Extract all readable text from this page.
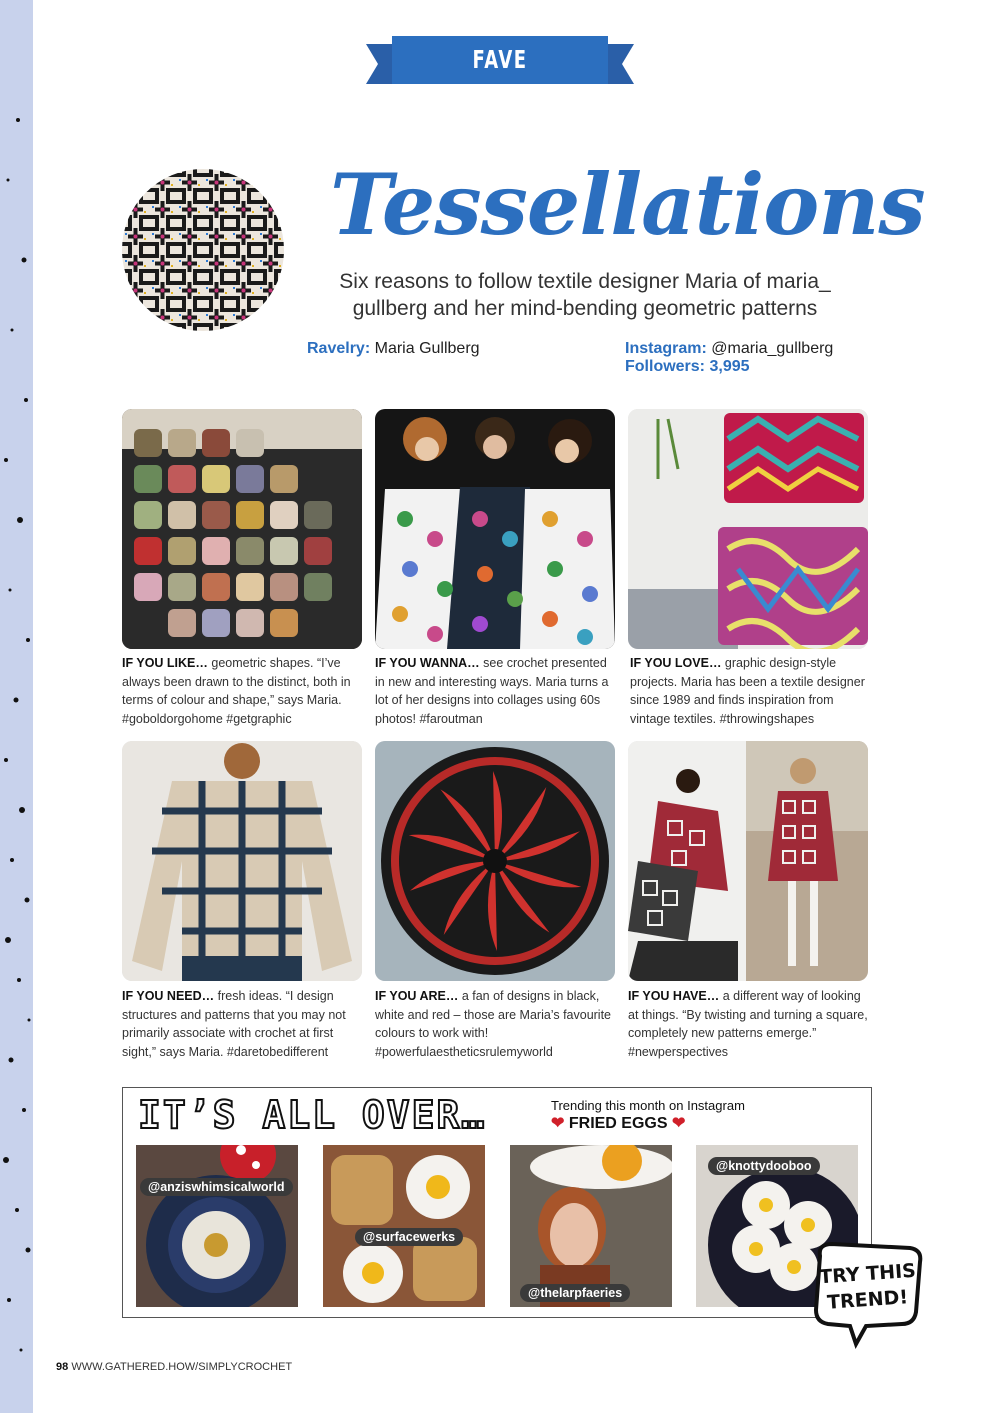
FAVE FOLLOW
Tessellations
Six reasons to follow textile designer Maria of maria_ gullberg and her mind-bending geometric patterns
Ravelry: Maria Gullberg	Instagram: @maria_gullberg
Followers: 3,995
IF YOU LIKE… geometric shapes. “I’ve always been drawn to the distinct, both in terms of colour and shape,” says Maria. #goboldorgohome #getgraphic
IF YOU WANNA… see crochet presented in new and interesting ways. Maria turns a lot of her designs into collages using 60s photos! #faroutman
IF YOU LOVE… graphic design-style projects. Maria has been a textile designer since 1989 and finds inspiration from vintage textiles. #throwingshapes
IF YOU NEED… fresh ideas. “I design structures and patterns that you may not primarily associate with crochet at first sight,” says Maria. #daretobedifferent
IF YOU ARE… a fan of designs in black, white and red – those are Maria’s favourite colours to work with! #powerfulaestheticsrulemyworld
IF YOU HAVE… a different way of looking at things. “By twisting and turning a square, completely new patterns emerge.” #newperspectives
IT’S ALL OVER…	Trending this month on Instagram
❤ FRIED EGGS ❤
@anziswhimsicalworld
@surfacewerks
@thelarpfaeries
@knottydooboo
TRY THIS
TREND!
98 WWW.GATHERED.HOW/SIMPLYCROCHET
